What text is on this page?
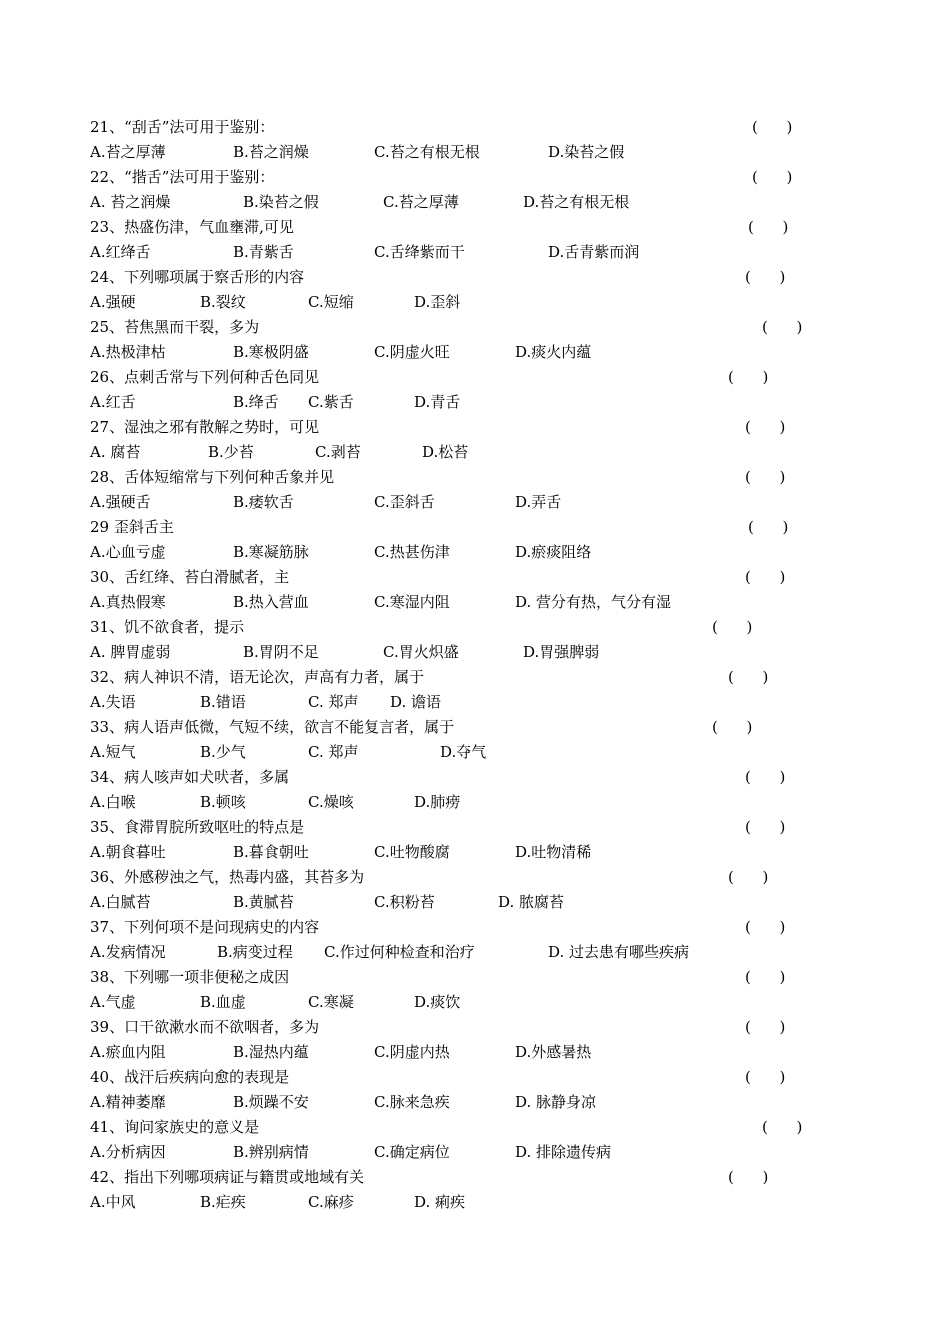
21、“刮舌”法可用于鉴别：	(      )
A.苔之厚薄	B.苔之润燥	C.苔之有根无根	D.染苔之假
22、“揩舌”法可用于鉴别：	(      )
A. 苔之润燥	B.染苔之假	C.苔之厚薄	D.苔之有根无根
23、热盛伤津，气血壅滞,可见	(      )
A.红绛舌	B.青紫舌	C.舌绛紫而干	D.舌青紫而润
24、下列哪项属于察舌形的内容	(      )
A.强硬	B.裂纹	C.短缩	D.歪斜
25、苔焦黑而干裂，多为	(      )
A.热极津枯	B.寒极阴盛	C.阴虚火旺	D.痰火内蕴
26、点刺舌常与下列何种舌色同见	(      )
A.红舌	B.绛舌 C.紫舌	D.青舌
27、湿浊之邪有散解之势时，可见	(      )
A. 腐苔	B.少苔	C.剥苔	D.松苔
28、舌体短缩常与下列何种舌象并见	(      )
A.强硬舌	B.痿软舌	C.歪斜舌	D.弄舌
29 歪斜舌主	(      )
A.心血亏虚	B.寒凝筋脉	C.热甚伤津	D.瘀痰阻络
30、舌红绛、苔白滑腻者，主	(      )
A.真热假寒	B.热入营血	C.寒湿内阻	D. 营分有热，气分有湿
31、饥不欲食者，提示	(      )
A. 脾胃虚弱	B.胃阴不足	C.胃火炽盛	D.胃强脾弱
32、病人神识不清，语无论次，声高有力者，属于	(      )
A.失语	B.错语	C. 郑声 D. 谵语
33、病人语声低微，气短不续，欲言不能复言者，属于	(      )
A.短气	B.少气	C. 郑声	D.夺气
34、病人咳声如犬吠者，多属	(      )
A.白喉	B.顿咳	C.燥咳	D.肺痨
35、食滞胃脘所致呕吐的特点是	(      )
A.朝食暮吐	B.暮食朝吐	C.吐物酸腐	D.吐物清稀
36、外感秽浊之气，热毒内盛，其苔多为	(      )
A.白腻苔	B.黄腻苔	C.积粉苔	D. 脓腐苔
37、下列何项不是问现病史的内容	(      )
A.发病情况	B.病变过程 C.作过何种检查和治疗	D. 过去患有哪些疾病
38、下列哪一项非便秘之成因	(      )
A.气虚	B.血虚	C.寒凝	D.痰饮
39、口干欲漱水而不欲咽者，多为	(      )
A.瘀血内阻	B.湿热内蕴	C.阴虚内热	D.外感暑热
40、战汗后疾病向愈的表现是	(      )
A.精神萎靡	B.烦躁不安	C.脉来急疾	D. 脉静身凉
41、询问家族史的意义是	(      )
A.分析病因	B.辨别病情	C.确定病位	D. 排除遗传病
42、指出下列哪项病证与籍贯或地域有关	(      )
A.中风	B.疟疾	C.麻疹	D. 痢疾
